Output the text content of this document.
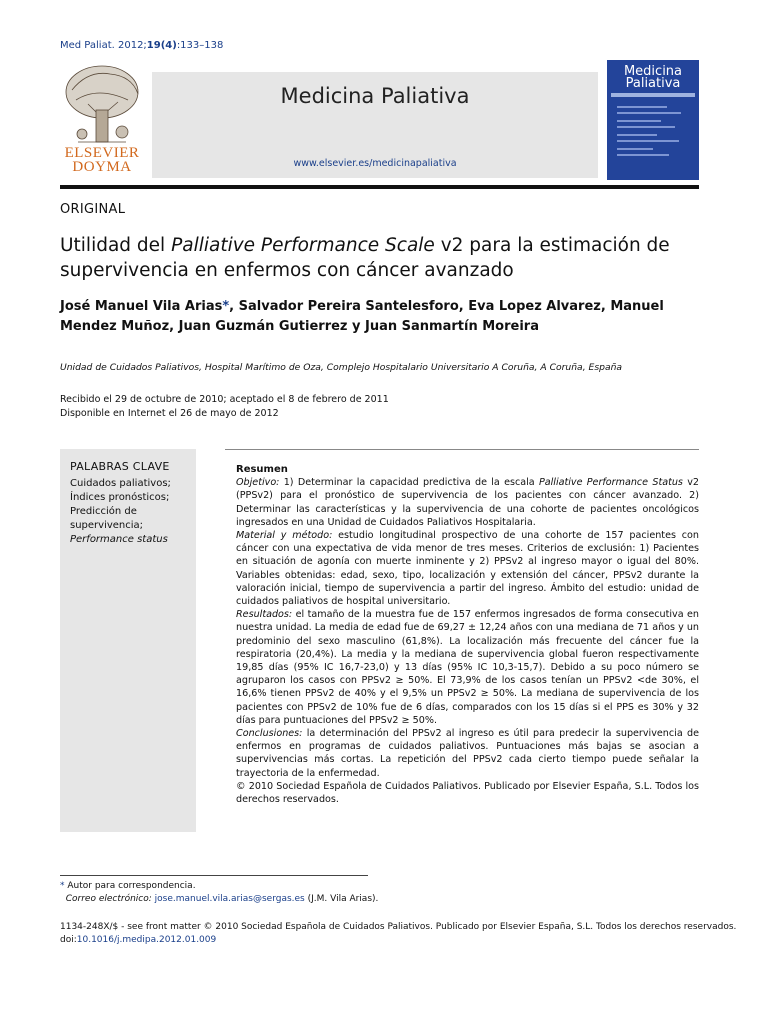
Med Paliat. 2012;19(4):133–138
ELSEVIER
DOYMA
Medicina Paliativa
www.elsevier.es/medicinapaliativa
Medicina Paliativa
ORIGINAL
Utilidad del Palliative Performance Scale v2 para la estimación de supervivencia en enfermos con cáncer avanzado
José Manuel Vila Arias*, Salvador Pereira Santelesforo, Eva Lopez Alvarez, Manuel Mendez Muñoz, Juan Guzmán Gutierrez y Juan Sanmartín Moreira
Unidad de Cuidados Paliativos, Hospital Marítimo de Oza, Complejo Hospitalario Universitario A Coruña, A Coruña, España
Recibido el 29 de octubre de 2010; aceptado el 8 de febrero de 2011
Disponible en Internet el 26 de mayo de 2012
PALABRAS CLAVE
Cuidados paliativos;
Índices pronósticos;
Predicción de supervivencia;
Performance status
Resumen
Objetivo: 1) Determinar la capacidad predictiva de la escala Palliative Performance Status v2 (PPSv2) para el pronóstico de supervivencia de los pacientes con cáncer avanzado. 2) Determinar las características y la supervivencia de una cohorte de pacientes oncológicos ingresados en una Unidad de Cuidados Paliativos Hospitalaria.
Material y método: estudio longitudinal prospectivo de una cohorte de 157 pacientes con cáncer con una expectativa de vida menor de tres meses. Criterios de exclusión: 1) Pacientes en situación de agonía con muerte inminente y 2) PPSv2 al ingreso mayor o igual del 80%. Variables obtenidas: edad, sexo, tipo, localización y extensión del cáncer, PPSv2 durante la valoración inicial, tiempo de supervivencia a partir del ingreso. Ámbito del estudio: unidad de cuidados paliativos de hospital universitario.
Resultados: el tamaño de la muestra fue de 157 enfermos ingresados de forma consecutiva en nuestra unidad. La media de edad fue de 69,27 ± 12,24 años con una mediana de 71 años y un predominio del sexo masculino (61,8%). La localización más frecuente del cáncer fue la respiratoria (20,4%). La media y la mediana de supervivencia global fueron respectivamente 19,85 días (95% IC 16,7-23,0) y 13 días (95% IC 10,3-15,7). Debido a su poco número se agruparon los casos con PPSv2 ≥ 50%. El 73,9% de los casos tenían un PPSv2 <de 30%, el 16,6% tienen PPSv2 de 40% y el 9,5% un PPSv2 ≥ 50%. La mediana de supervivencia de los pacientes con PPSv2 de 10% fue de 6 días, comparados con los 15 días si el PPS es 30% y 32 días para puntuaciones del PPSv2 ≥ 50%.
Conclusiones: la determinación del PPSv2 al ingreso es útil para predecir la supervivencia de enfermos en programas de cuidados paliativos. Puntuaciones más bajas se asocian a supervivencias más cortas. La repetición del PPSv2 cada cierto tiempo puede señalar la trayectoria de la enfermedad.
© 2010 Sociedad Española de Cuidados Paliativos. Publicado por Elsevier España, S.L. Todos los derechos reservados.
* Autor para correspondencia.
Correo electrónico: jose.manuel.vila.arias@sergas.es (J.M. Vila Arias).
1134-248X/$ - see front matter © 2010 Sociedad Española de Cuidados Paliativos. Publicado por Elsevier España, S.L. Todos los derechos reservados.
doi:10.1016/j.medipa.2012.01.009
